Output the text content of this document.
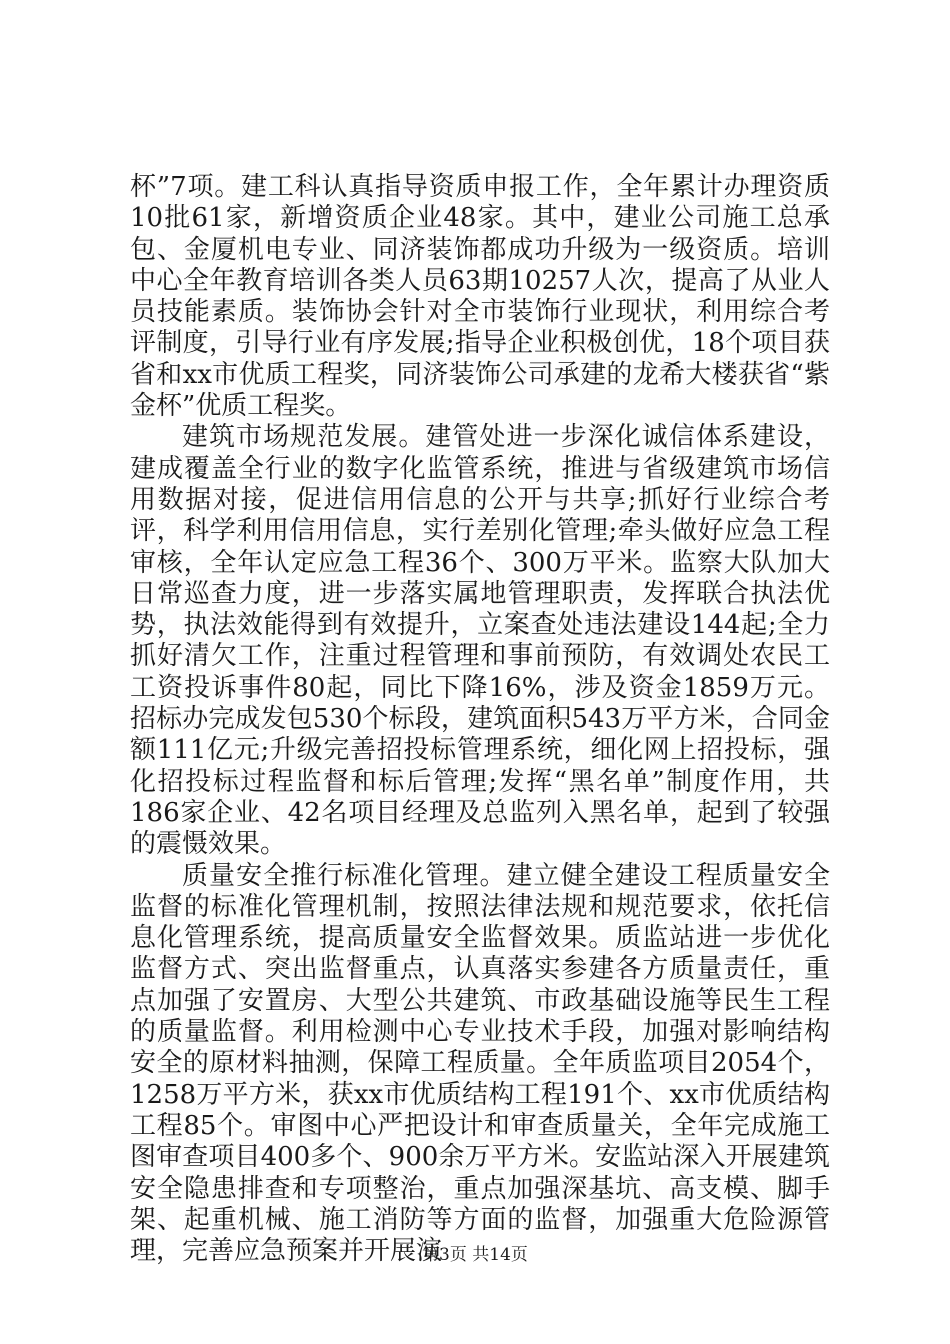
杯”7项。建工科认真指导资质申报工作，全年累计办理资质10批61家，新增资质企业48家。其中，建业公司施工总承包、金厦机电专业、同济装饰都成功升级为一级资质。培训中心全年教育培训各类人员63期10257人次，提高了从业人员技能素质。装饰协会针对全市装饰行业现状，利用综合考评制度，引导行业有序发展;指导企业积极创优，18个项目获省和xx市优质工程奖，同济装饰公司承建的龙希大楼获省“紫金杯”优质工程奖。

建筑市场规范发展。建管处进一步深化诚信体系建设，建成覆盖全行业的数字化监管系统，推进与省级建筑市场信用数据对接，促进信用信息的公开与共享;抓好行业综合考评，科学利用信用信息，实行差别化管理;牵头做好应急工程审核，全年认定应急工程36个、300万平米。监察大队加大日常巡查力度，进一步落实属地管理职责，发挥联合执法优势，执法效能得到有效提升，立案查处违法建设144起;全力抓好清欠工作，注重过程管理和事前预防，有效调处农民工工资投诉事件80起，同比下降16%，涉及资金1859万元。招标办完成发包530个标段，建筑面积543万平方米，合同金额111亿元;升级完善招投标管理系统，细化网上招投标，强化招投标过程监督和标后管理;发挥“黑名单”制度作用，共186家企业、42名项目经理及总监列入黑名单，起到了较强的震慑效果。

质量安全推行标准化管理。建立健全建设工程质量安全监督的标准化管理机制，按照法律法规和规范要求，依托信息化管理系统，提高质量安全监督效果。质监站进一步优化监督方式、突出监督重点，认真落实参建各方质量责任，重点加强了安置房、大型公共建筑、市政基础设施等民生工程的质量监督。利用检测中心专业技术手段，加强对影响结构安全的原材料抽测，保障工程质量。全年质监项目2054个，1258万平方米，获xx市优质结构工程191个、xx市优质结构工程85个。审图中心严把设计和审查质量关，全年完成施工图审查项目400多个、900余万平方米。安监站深入开展建筑安全隐患排查和专项整治，重点加强深基坑、高支模、脚手架、起重机械、施工消防等方面的监督，加强重大危险源管理，完善应急预案并开展演

第3页 共14页
